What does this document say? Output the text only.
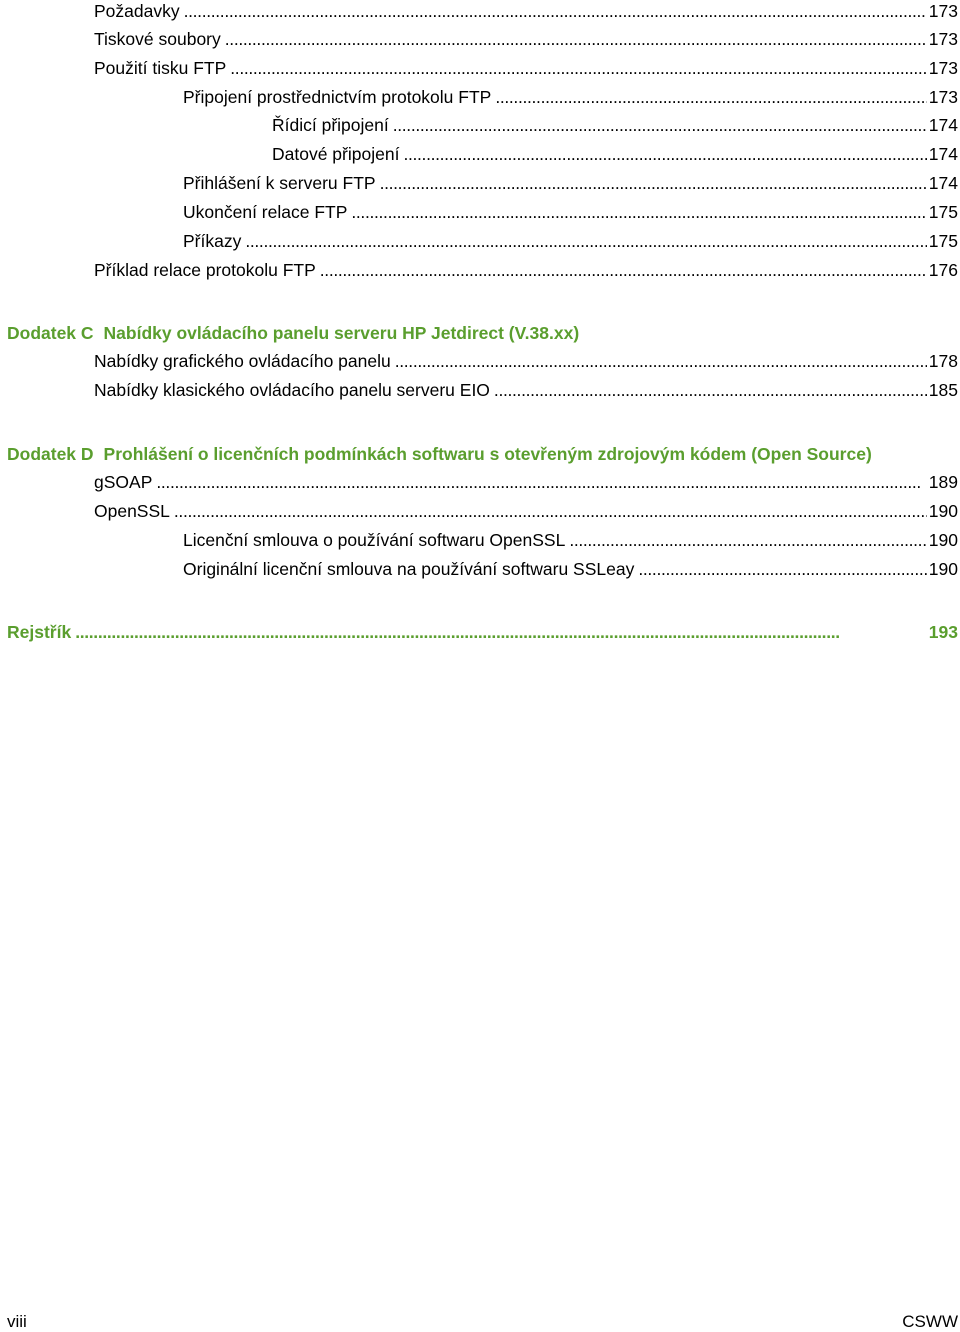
Požadavky . . .	173
Tiskové soubory . . .	173
Použití tisku FTP . . .	173
Připojení prostřednictvím protokolu FTP . . .	173
Řídicí připojení . . .	174
Datové připojení . . .	174
Přihlášení k serveru FTP . . .	174
Ukončení relace FTP . . .	175
Příkazy . . .	175
Příklad relace protokolu FTP . . .	176
Dodatek C Nabídky ovládacího panelu serveru HP Jetdirect (V.38.xx)
Nabídky grafického ovládacího panelu . . .	178
Nabídky klasického ovládacího panelu serveru EIO . . .	185
Dodatek D Prohlášení o licenčních podmínkách softwaru s otevřeným zdrojovým kódem (Open Source)
gSOAP . . .	189
OpenSSL . . .	190
Licenční smlouva o používání softwaru OpenSSL . . .	190
Originální licenční smlouva na používání softwaru SSLeay . . .	190
Rejstřík . . .	193
viii	CSWW
